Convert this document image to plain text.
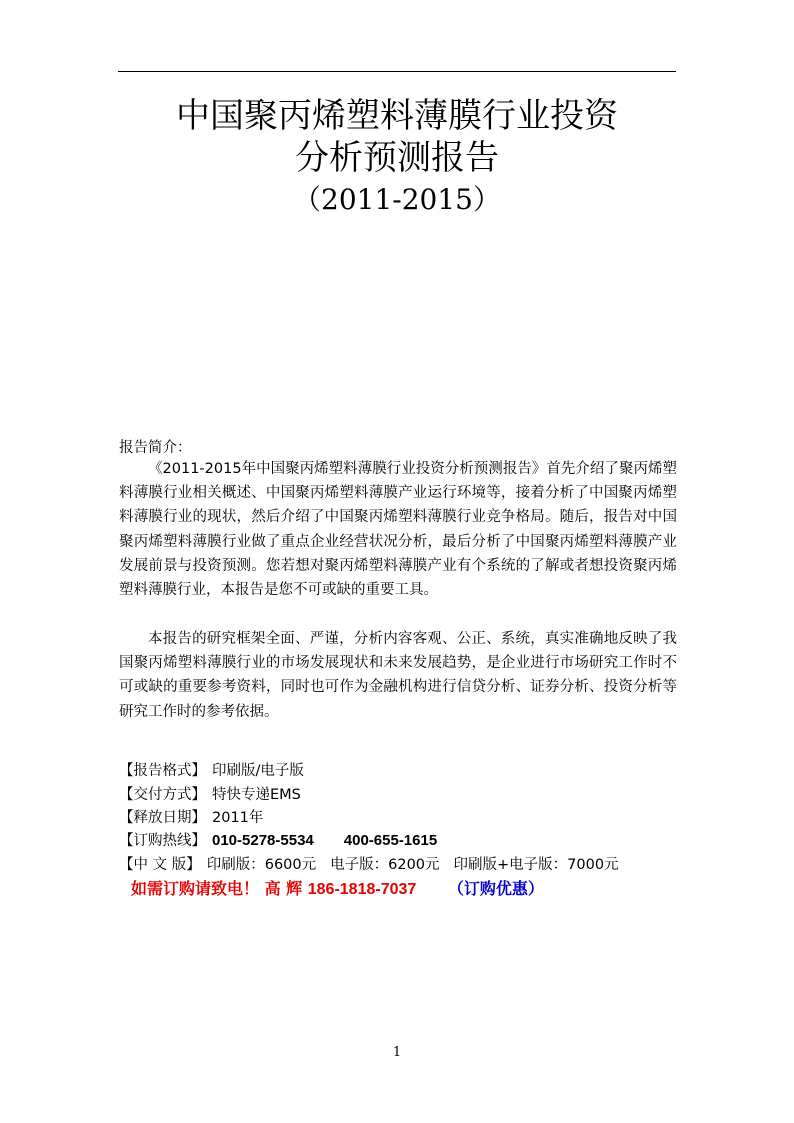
中国聚丙烯塑料薄膜行业投资
分析预测报告
（2011-2015）
报告简介：

《2011-2015年中国聚丙烯塑料薄膜行业投资分析预测报告》首先介绍了聚丙烯塑料薄膜行业相关概述、中国聚丙烯塑料薄膜产业运行环境等，接着分析了中国聚丙烯塑料薄膜行业的现状，然后介绍了中国聚丙烯塑料薄膜行业竞争格局。随后，报告对中国聚丙烯塑料薄膜行业做了重点企业经营状况分析，最后分析了中国聚丙烯塑料薄膜产业发展前景与投资预测。您若想对聚丙烯塑料薄膜产业有个系统的了解或者想投资聚丙烯塑料薄膜行业，本报告是您不可或缺的重要工具。

本报告的研究框架全面、严谨，分析内容客观、公正、系统，真实准确地反映了我国聚丙烯塑料薄膜行业的市场发展现状和未来发展趋势，是企业进行市场研究工作时不可或缺的重要参考资料，同时也可作为金融机构进行信贷分析、证券分析、投资分析等研究工作时的参考依据。

【报告格式】 印刷版/电子版
【交付方式】 特快专递EMS
【释放日期】 2011年
【订购热线】 010-5278-5534 400-655-1615
【中 文 版】 印刷版：6600元 电子版：6200元 印刷版+电子版：7000元
如需订购请致电！ 高 辉 186-1818-7037 （订购优惠）
1
